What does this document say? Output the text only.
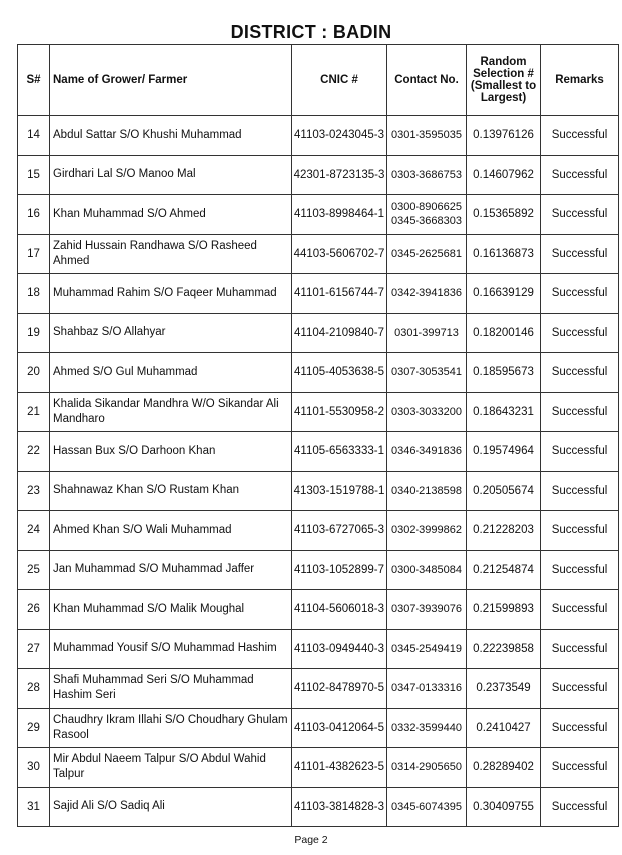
DISTRICT : BADIN
S#	Name of Grower/ Farmer	CNIC #	Contact No.	Random Selection # (Smallest to Largest)	Remarks
14	Abdul Sattar S/O Khushi Muhammad	41103-0243045-3	0301-3595035	0.13976126	Successful
15	Girdhari Lal S/O Manoo Mal	42301-8723135-3	0303-3686753	0.14607962	Successful
16	Khan Muhammad S/O Ahmed	41103-8998464-1	0300-8906625 0345-3668303	0.15365892	Successful
17	Zahid Hussain Randhawa S/O Rasheed Ahmed	44103-5606702-7	0345-2625681	0.16136873	Successful
18	Muhammad Rahim S/O Faqeer Muhammad	41101-6156744-7	0342-3941836	0.16639129	Successful
19	Shahbaz S/O Allahyar	41104-2109840-7	0301-399713	0.18200146	Successful
20	Ahmed S/O Gul Muhammad	41105-4053638-5	0307-3053541	0.18595673	Successful
21	Khalida Sikandar Mandhra W/O Sikandar Ali Mandharo	41101-5530958-2	0303-3033200	0.18643231	Successful
22	Hassan Bux S/O Darhoon Khan	41105-6563333-1	0346-3491836	0.19574964	Successful
23	Shahnawaz Khan S/O Rustam Khan	41303-1519788-1	0340-2138598	0.20505674	Successful
24	Ahmed Khan S/O Wali Muhammad	41103-6727065-3	0302-3999862	0.21228203	Successful
25	Jan Muhammad S/O Muhammad Jaffer	41103-1052899-7	0300-3485084	0.21254874	Successful
26	Khan Muhammad S/O Malik Moughal	41104-5606018-3	0307-3939076	0.21599893	Successful
27	Muhammad Yousif S/O Muhammad Hashim	41103-0949440-3	0345-2549419	0.22239858	Successful
28	Shafi Muhammad Seri S/O Muhammad Hashim Seri	41102-8478970-5	0347-0133316	0.2373549	Successful
29	Chaudhry Ikram Illahi S/O Choudhary Ghulam Rasool	41103-0412064-5	0332-3599440	0.2410427	Successful
30	Mir Abdul Naeem Talpur S/O Abdul Wahid Talpur	41101-4382623-5	0314-2905650	0.28289402	Successful
31	Sajid Ali S/O Sadiq Ali	41103-3814828-3	0345-6074395	0.30409755	Successful
Page 2
